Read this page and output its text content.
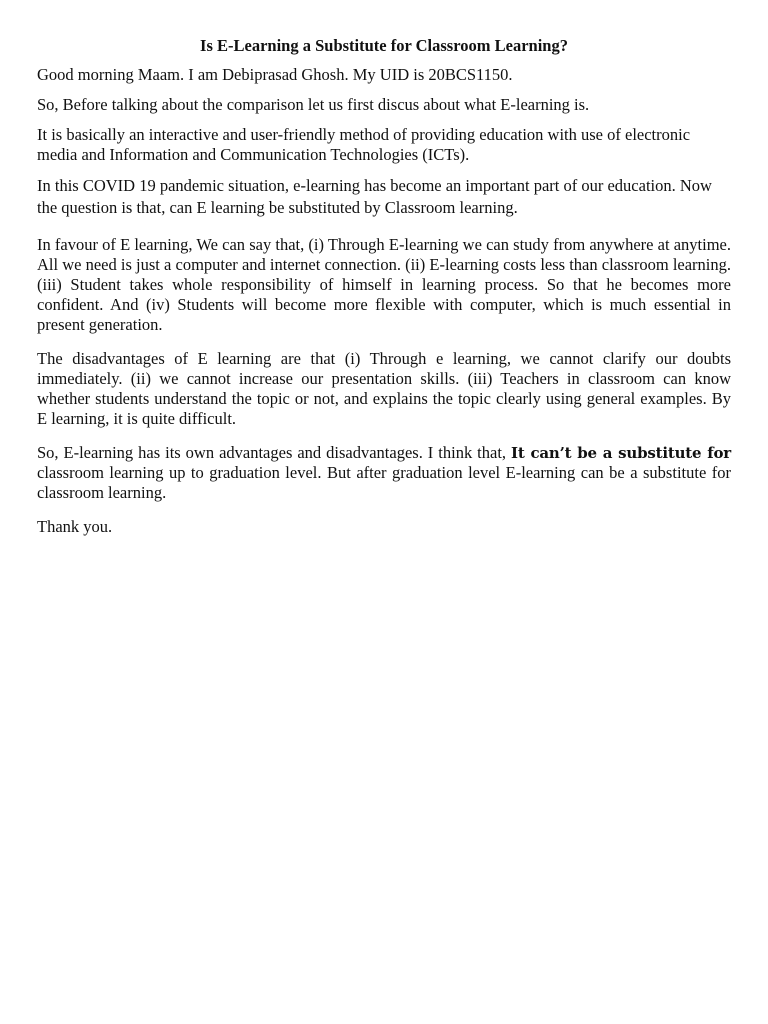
Is E-Learning a Substitute for Classroom Learning?

Good morning Maam. I am Debiprasad Ghosh. My UID is 20BCS1150.

So, Before talking about the comparison let us first discus about what E-learning is.

It is basically an interactive and user-friendly method of providing education with use of electronic media and Information and Communication Technologies (ICTs).

In this COVID 19 pandemic situation, e-learning has become an important part of our education. Now the question is that, can E learning be substituted by Classroom learning.

In favour of E learning, We can say that, (i) Through E-learning we can study from anywhere at anytime. All we need is just a computer and internet connection. (ii) E-learning costs less than classroom learning. (iii) Student takes whole responsibility of himself in learning process. So that he becomes more confident. And (iv) Students will become more flexible with computer, which is much essential in present generation.

The disadvantages of E learning are that (i) Through e learning, we cannot clarify our doubts immediately. (ii) we cannot increase our presentation skills. (iii) Teachers in classroom can know whether students understand the topic or not, and explains the topic clearly using general examples. By E learning, it is quite difficult.

So, E-learning has its own advantages and disadvantages. I think that, It can’t be a substitute for classroom learning up to graduation level. But after graduation level E-learning can be a substitute for classroom learning.

Thank you.
